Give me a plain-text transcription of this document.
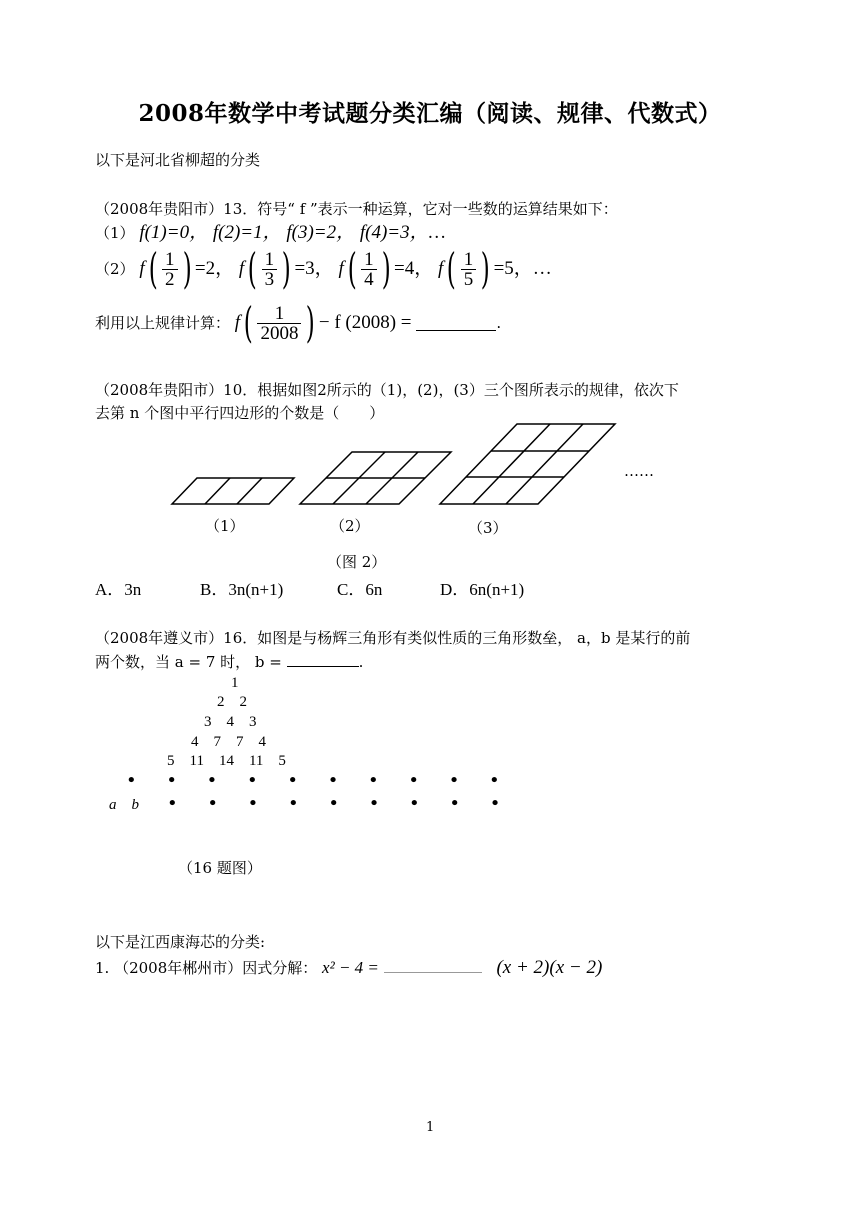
2008年数学中考试题分类汇编（阅读、规律、代数式）
以下是河北省柳超的分类
（2008年贵阳市）13．符号“ f ”表示一种运算，它对一些数的运算结果如下：
（1） f(1)=0， f(2)=1， f(3)=2， f(4)=3，…
（2） $f( \frac{1}{2}$ ) =2， $f( \frac{1}{3}$ ) =3， $f( \frac{1}{4}$ ) =4， $f( \frac{1}{5}$ ) =5，…
利用以上规律计算： $f( \frac{1}{2008}$ ) − f (2008) =	.
（2008年贵阳市）10．根据如图2所示的（1)，(2)，(3）三个图所表示的规律，依次下
去第 n 个图中平行四边形的个数是（　　）
……
（1）	（2）	（3）
（图 2）
A．3n	B．3n(n+1)	C．6n	D．6n(n+1)
（2008年遵义市）16．如图是与杨辉三角形有类似性质的三角形数垒， a，b 是某行的前
两个数，当 a = 7 时， b =	.
1
2    2
3    4    3
4    7    7    4
5    11    14    11    5
• • • • • • • • • •
a    b • • • • • • • • •
（16 题图）
以下是江西康海芯的分类:
1. （2008年郴州市）因式分解： x² − 4 =	(x + 2)(x − 2)
1
